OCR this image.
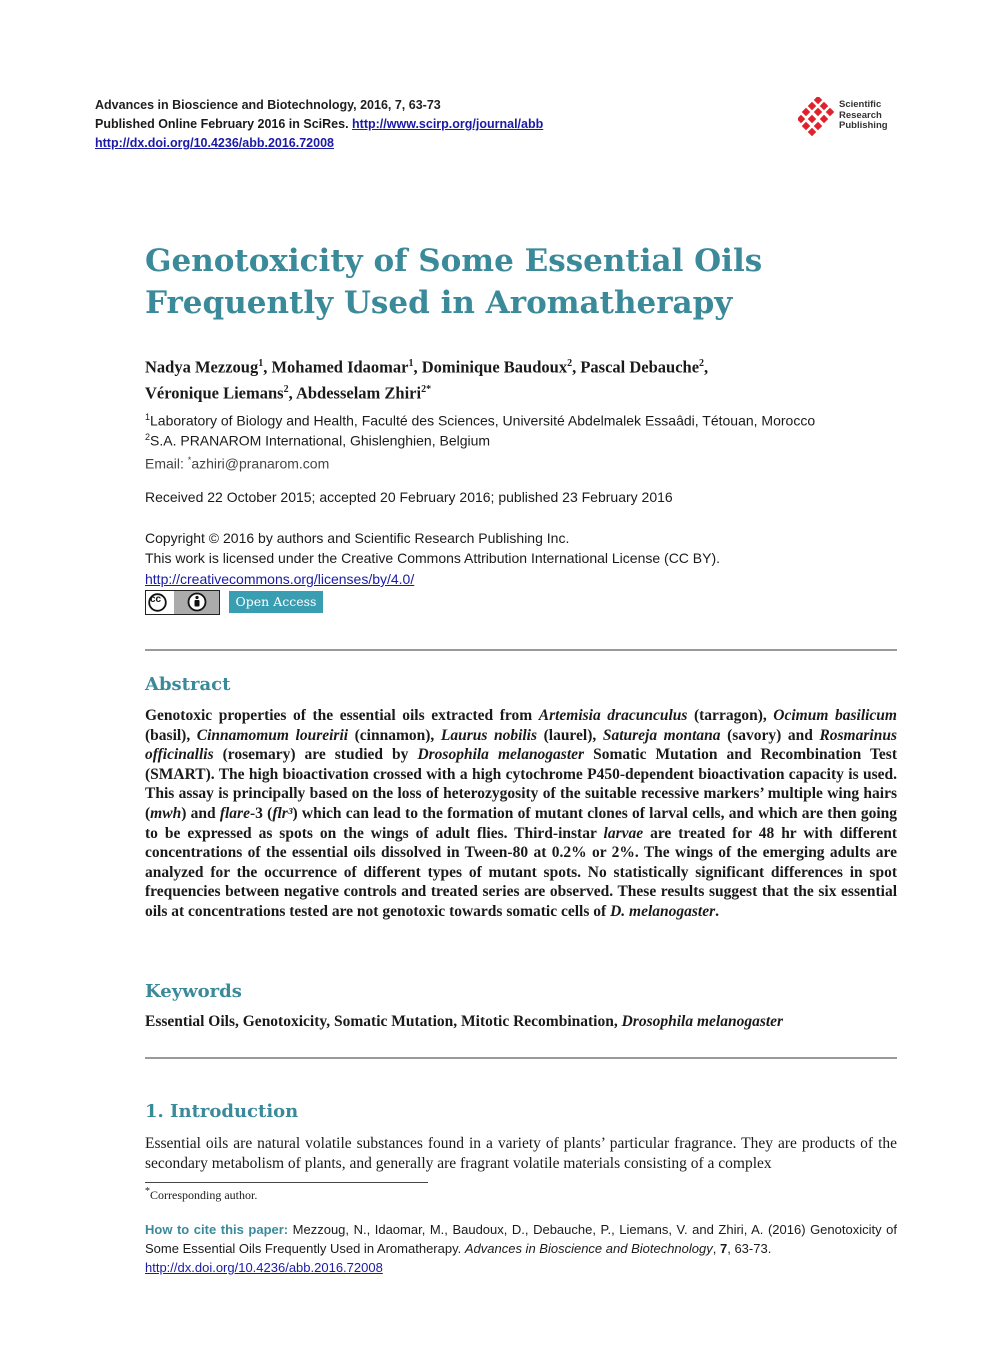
Advances in Bioscience and Biotechnology, 2016, 7, 63-73
Published Online February 2016 in SciRes. http://www.scirp.org/journal/abb
http://dx.doi.org/10.4236/abb.2016.72008
Scientific
Research
Publishing
Genotoxicity of Some Essential Oils
Frequently Used in Aromatherapy
Nadya Mezzoug$^1$, Mohamed Idaomar$^1$, Dominique Baudoux$^2$, Pascal Debauche$^2$,
Véronique Liemans$^2$, Abdesselam Zhiri$^{2*}$
$^1$Laboratory of Biology and Health, Faculté des Sciences, Université Abdelmalek Essaâdi, Tétouan, Morocco
$^2$S.A. PRANAROM International, Ghislenghien, Belgium
Email: *azhiri@pranarom.com
Received 22 October 2015; accepted 20 February 2016; published 23 February 2016
Copyright © 2016 by authors and Scientific Research Publishing Inc.
This work is licensed under the Creative Commons Attribution International License (CC BY).
http://creativecommons.org/licenses/by/4.0/
cc	Open Access
Abstract
Genotoxic properties of the essential oils extracted from Artemisia dracunculus (tarragon), Ocimum basilicum (basil), Cinnamomum loureirii (cinnamon), Laurus nobilis (laurel), Satureja montana (savory) and Rosmarinus officinallis (rosemary) are studied by Drosophila melanogaster Somatic Mutation and Recombination Test (SMART). The high bioactivation crossed with a high cytochrome P450-dependent bioactivation capacity is used. This assay is principally based on the loss of heterozygosity of the suitable recessive markers’ multiple wing hairs (mwh) and flare-3 (flr³) which can lead to the formation of mutant clones of larval cells, and which are then going to be expressed as spots on the wings of adult flies. Third-instar larvae are treated for 48 hr with different concentrations of the essential oils dissolved in Tween-80 at 0.2% or 2%. The wings of the emerging adults are analyzed for the occurrence of different types of mutant spots. No statistically significant differences in spot frequencies between negative controls and treated series are observed. These results suggest that the six essential oils at concentrations tested are not genotoxic towards somatic cells of D. melanogaster.
Keywords
Essential Oils, Genotoxicity, Somatic Mutation, Mitotic Recombination, Drosophila melanogaster
1. Introduction
Essential oils are natural volatile substances found in a variety of plants’ particular fragrance. They are products of the secondary metabolism of plants, and generally are fragrant volatile materials consisting of a complex
*Corresponding author.
How to cite this paper: Mezzoug, N., Idaomar, M., Baudoux, D., Debauche, P., Liemans, V. and Zhiri, A. (2016) Genotoxicity of Some Essential Oils Frequently Used in Aromatherapy. Advances in Bioscience and Biotechnology, 7, 63-73.
http://dx.doi.org/10.4236/abb.2016.72008
